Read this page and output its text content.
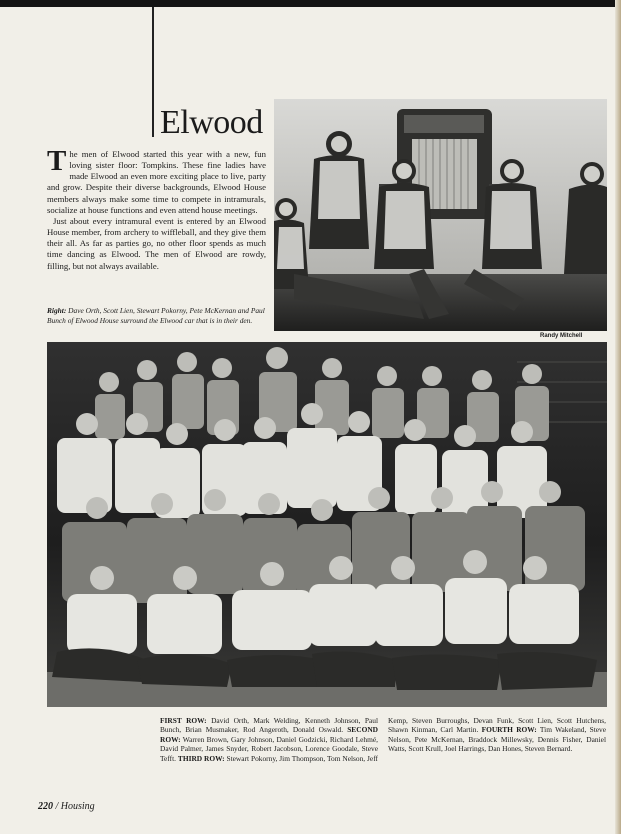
Elwood

The men of Elwood started this year with a new, fun loving sister floor: Tompkins. These fine ladies have made Elwood an even more exciting place to live, party and grow. Despite their diverse backgrounds, Elwood House members always make some time to compete in intramurals, socialize at house functions and even attend house meetings.

Just about every intramural event is entered by an Elwood House member, from archery to wiffleball, and they give them their all. As far as parties go, no other floor spends as much time dancing as Elwood. The men of Elwood are rowdy, filling, but not always available.

Right: Dave Orth, Scott Lien, Stewart Pokorny, Pete McKernan and Paul Bunch of Elwood House surround the Elwood car that is in their den.
Randy Mitchell
FIRST ROW: David Orth, Mark Welding, Kenneth Johnson, Paul Bunch, Brian Musmaker, Rod Angeroth, Donald Oswald. SECOND ROW: Warren Brown, Gary Johnson, Daniel Godzicki, Richard Lehmé, David Palmer, James Snyder, Robert Jacobson, Lorence Goodale, Steve Tefft. THIRD ROW: Stewart Pokorny, Jim Thompson, Tom Nelson, Jeff Kemp, Steven Burroughs, Devan Funk, Scott Lien, Scott Hutchens, Shawn Kinman, Carl Martin. FOURTH ROW: Tim Wakeland, Steve Nelson, Pete McKernan, Braddock Millewsky, Dennis Fisher, Daniel Watts, Scott Krull, Joel Harrings, Dan Hones, Steven Bernard.
220 / Housing
